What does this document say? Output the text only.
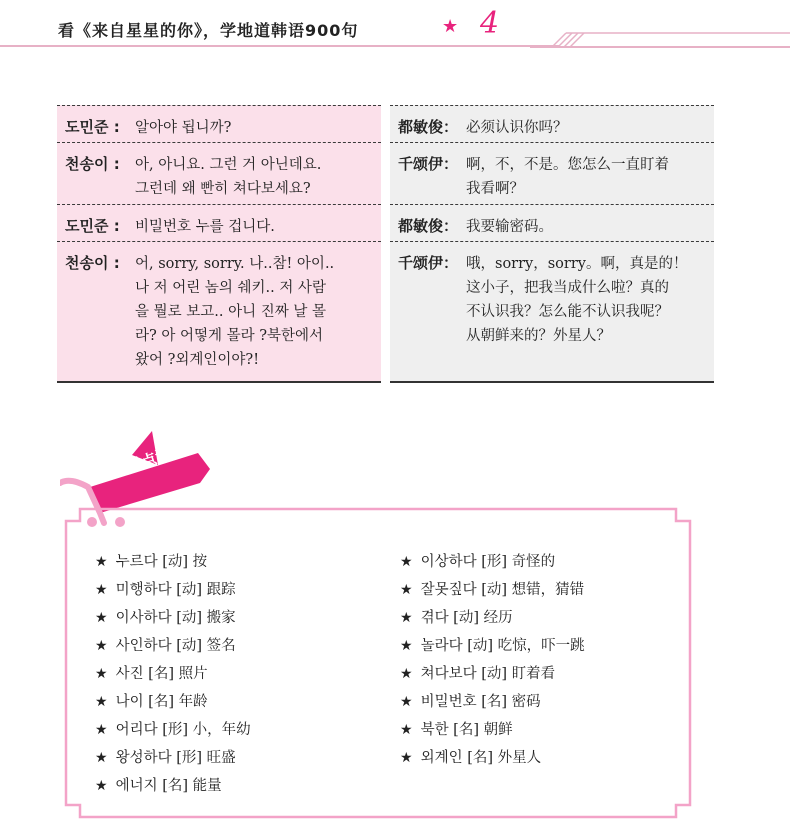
看《来自星星的你》，学地道韩语900句	★ 4
도민준 : 알아야 됩니까?
천송이 : 아, 아니요. 그런 거 아닌데요.
그런데 왜 빤히 쳐다보세요?
도민준 : 비밀번호 누를 겁니다.
천송이 : 어, sorry, sorry. 나..참! 아이..
나 저 어린 놈의 쉐키.. 저 사람
을 뭘로 보고.. 아니 진짜 날 몰
라? 아 어떻게 몰라 ?북한에서
왔어 ?외계인이야?!
都敏俊： 必须认识你吗？
千颂伊： 啊，不，不是。您怎么一直盯着
我看啊？
都敏俊： 我要输密码。
千颂伊： 哦，sorry，sorry。啊，真是的！
这小子，把我当成什么啦？真的
不认识我？怎么能不认识我呢？
从朝鲜来的？外星人？
重点词汇
★ 누르다 [动] 按
★ 미행하다 [动] 跟踪
★ 이사하다 [动] 搬家
★ 사인하다 [动] 签名
★ 사진 [名] 照片
★ 나이 [名] 年龄
★ 어리다 [形] 小，年幼
★ 왕성하다 [形] 旺盛
★ 에너지 [名] 能量
★ 이상하다 [形] 奇怪的
★ 잘못짚다 [动] 想错，猜错
★ 겪다 [动] 经历
★ 놀라다 [动] 吃惊，吓一跳
★ 쳐다보다 [动] 盯着看
★ 비밀번호 [名] 密码
★ 북한 [名] 朝鲜
★ 외계인 [名] 外星人
